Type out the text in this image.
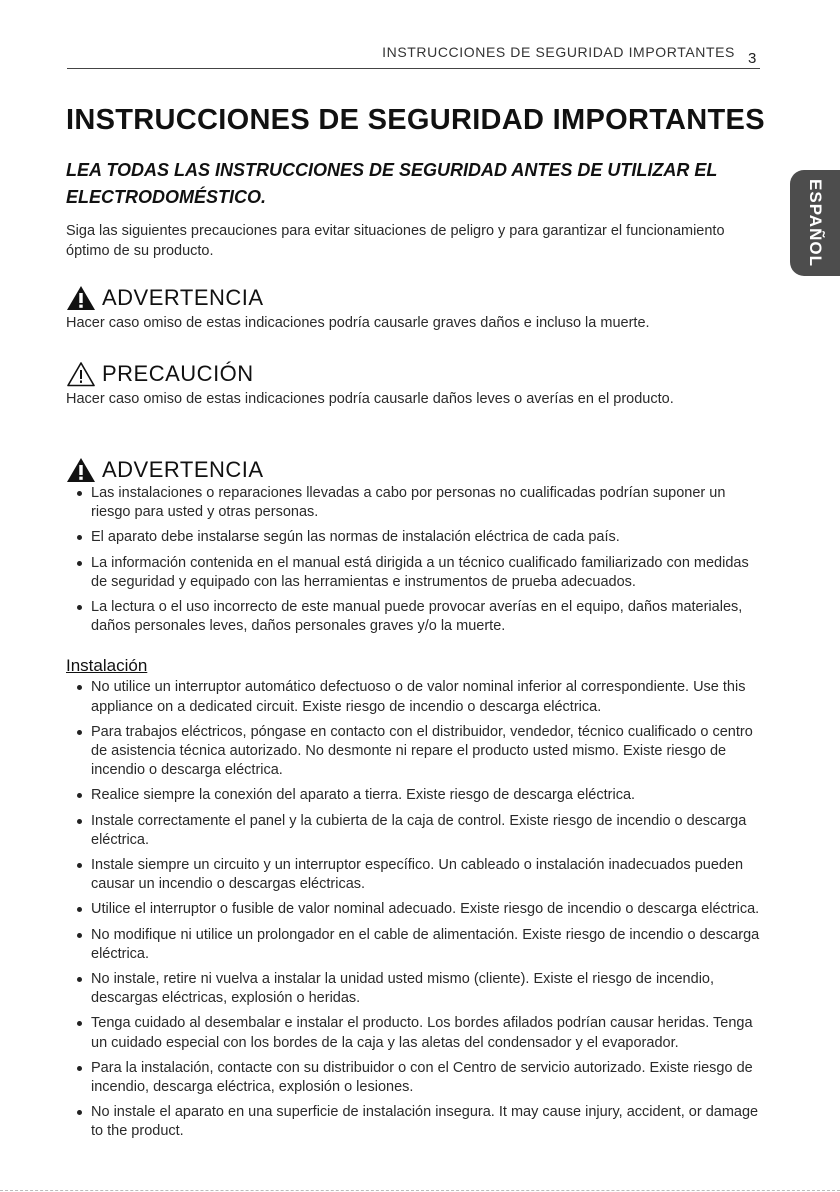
INSTRUCCIONES DE SEGURIDAD IMPORTANTES 3
ESPAÑOL
INSTRUCCIONES DE SEGURIDAD IMPORTANTES
LEA TODAS LAS INSTRUCCIONES DE SEGURIDAD ANTES DE UTILIZAR EL ELECTRODOMÉSTICO.

Siga las siguientes precauciones para evitar situaciones de peligro y para garantizar el funcionamiento óptimo de su producto.

ADVERTENCIA

Hacer caso omiso de estas indicaciones podría causarle graves daños e incluso la muerte.

PRECAUCIÓN

Hacer caso omiso de estas indicaciones podría causarle daños leves o averías en el producto.

ADVERTENCIA
Las instalaciones o reparaciones llevadas a cabo por personas no cualificadas podrían suponer un riesgo para usted y otras personas.
El aparato debe instalarse según las normas de instalación eléctrica de cada país.
La información contenida en el manual está dirigida a un técnico cualificado familiarizado con medidas de seguridad y equipado con las herramientas e instrumentos de prueba adecuados.
La lectura o el uso incorrecto de este manual puede provocar averías en el equipo, daños materiales, daños personales leves, daños personales graves y/o la muerte.
Instalación
No utilice un interruptor automático defectuoso o de valor nominal inferior al correspondiente. Use this appliance on a dedicated circuit. Existe riesgo de incendio o descarga eléctrica.
Para trabajos eléctricos, póngase en contacto con el distribuidor, vendedor, técnico cualificado o centro de asistencia técnica autorizado. No desmonte ni repare el producto usted mismo. Existe riesgo de incendio o descarga eléctrica.
Realice siempre la conexión del aparato a tierra. Existe riesgo de descarga eléctrica.
Instale correctamente el panel y la cubierta de la caja de control. Existe riesgo de incendio o descarga eléctrica.
Instale siempre un circuito y un interruptor específico. Un cableado o instalación inadecuados pueden causar un incendio o descargas eléctricas.
Utilice el interruptor o fusible de valor nominal adecuado. Existe riesgo de incendio o descarga eléctrica.
No modifique ni utilice un prolongador en el cable de alimentación. Existe riesgo de incendio o descarga eléctrica.
No instale, retire ni vuelva a instalar la unidad usted mismo (cliente). Existe el riesgo de incendio, descargas eléctricas, explosión o heridas.
Tenga cuidado al desembalar e instalar el producto. Los bordes afilados podrían causar heridas. Tenga un cuidado especial con los bordes de la caja y las aletas del condensador y el evaporador.
Para la instalación, contacte con su distribuidor o con el Centro de servicio autorizado. Existe riesgo de incendio, descarga eléctrica, explosión o lesiones.
No instale el aparato en una superficie de instalación insegura. It may cause injury, accident, or damage to the product.
